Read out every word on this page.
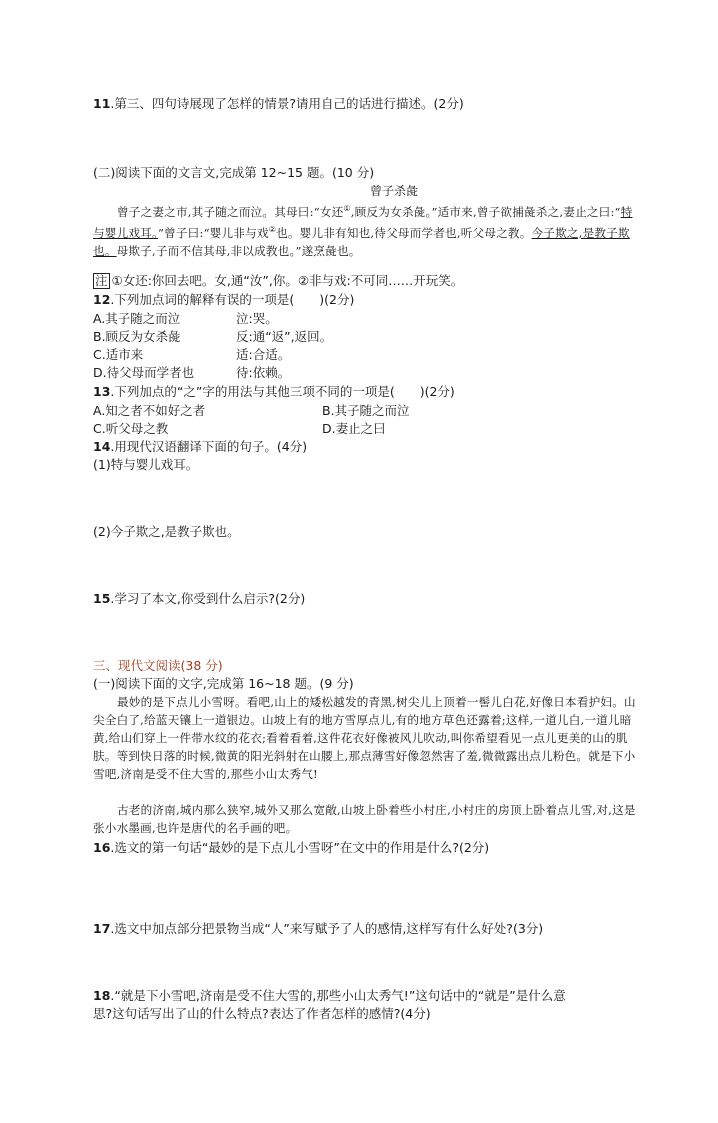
11.第三、四句诗展现了怎样的情景?请用自己的话进行描述。(2分)
(二)阅读下面的文言文,完成第 12~15 题。(10 分)
曾子杀彘
曾子之妻之市,其子随之而泣。其母曰:“女还①,顾反为女杀彘。”适市来,曾子欲捕彘杀之,妻止之曰:“特与婴儿戏耳。”曾子曰:“婴儿非与戏②也。婴儿非有知也,待父母而学者也,听父母之教。今子欺之,是教子欺也。母欺子,子而不信其母,非以成教也。”遂烹彘也。
注 ①女还:你回去吧。女,通“汝”,你。②非与戏:不可同……开玩笑。
12.下列加点词的解释有误的一项是(　　)(2分)
A.其子随之而泣	泣:哭。
B.顾反为女杀彘	反:通“返”,返回。
C.适市来	适:合适。
D.待父母而学者也	待:依赖。
13.下列加点的“之”字的用法与其他三项不同的一项是(　　)(2分)
A.知之者不如好之者	B.其子随之而泣
C.听父母之教	D.妻止之曰
14.用现代汉语翻译下面的句子。(4分)
(1)特与婴儿戏耳。
(2)今子欺之,是教子欺也。
15.学习了本文,你受到什么启示?(2分)
三、现代文阅读(38 分)
(一)阅读下面的文字,完成第 16~18 题。(9 分)
最妙的是下点儿小雪呀。看吧,山上的矮松越发的青黑,树尖儿上顶着一髻儿白花,好像日本看护妇。山尖全白了,给蓝天镶上一道银边。山坡上有的地方雪厚点儿,有的地方草色还露着;这样,一道儿白,一道儿暗黄,给山们穿上一件带水纹的花衣;看着看着,这件花衣好像被风儿吹动,叫你希望看见一点儿更美的山的肌肤。等到快日落的时候,微黄的阳光斜射在山腰上,那点薄雪好像忽然害了羞,微微露出点儿粉色。就是下小雪吧,济南是受不住大雪的,那些小山太秀气!
古老的济南,城内那么狭窄,城外又那么宽敞,山坡上卧着些小村庄,小村庄的房顶上卧着点儿雪,对,这是张小水墨画,也许是唐代的名手画的吧。
16.选文的第一句话“最妙的是下点儿小雪呀”在文中的作用是什么?(2分)
17.选文中加点部分把景物当成“人”来写赋予了人的感情,这样写有什么好处?(3分)
18.“就是下小雪吧,济南是受不住大雪的,那些小山太秀气!”这句话中的“就是”是什么意
思?这句话写出了山的什么特点?表达了作者怎样的感情?(4分)
